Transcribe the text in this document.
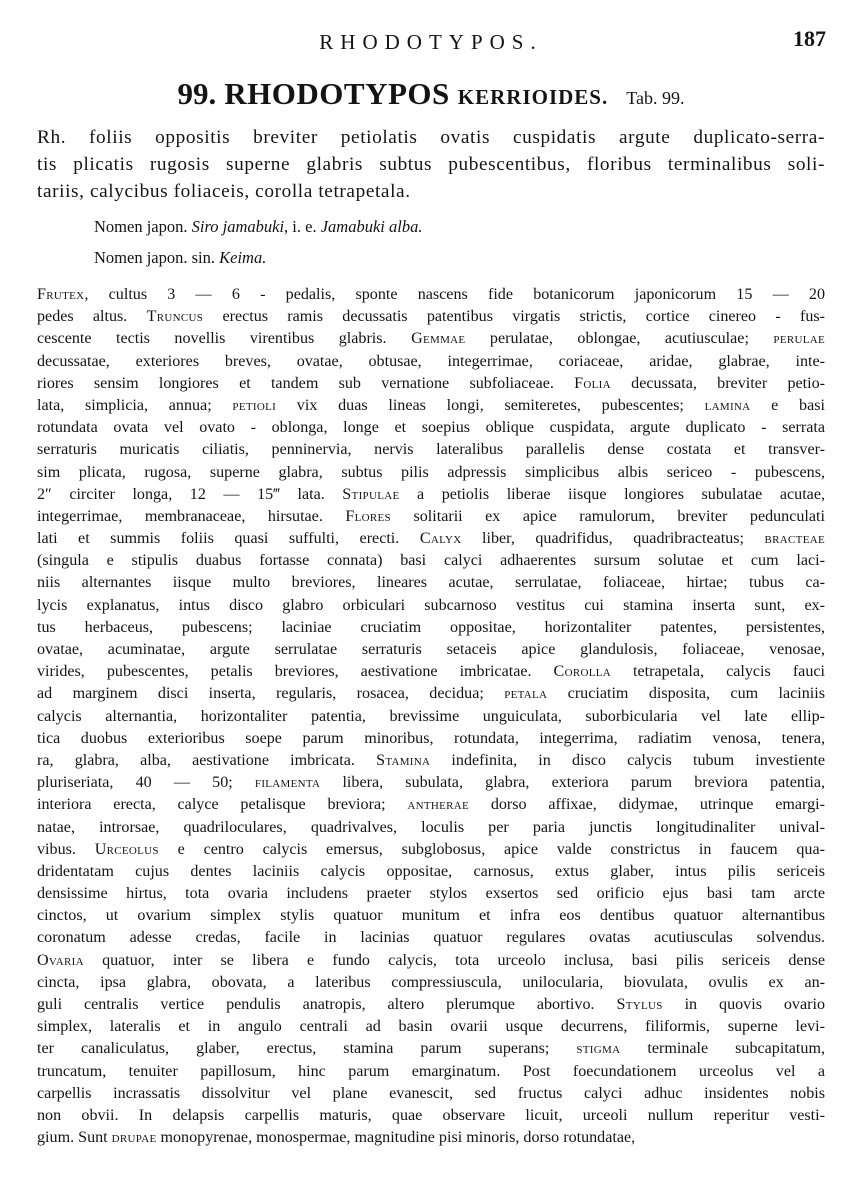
RHODOTYPOS.	187
99. RHODOTYPOS KERRIOIDES. Tab. 99.
Rh. foliis oppositis breviter petiolatis ovatis cuspidatis argute duplicato-serra-
tis plicatis rugosis superne glabris subtus pubescentibus, floribus terminalibus soli-
tariis, calycibus foliaceis, corolla tetrapetala.
Nomen japon. Siro jamabuki, i. e. Jamabuki alba.
Nomen japon. sin. Keima.
Frutex, cultus 3 — 6 - pedalis, sponte nascens fide botanicorum japonicorum 15 — 20
pedes altus. Truncus erectus ramis decussatis patentibus virgatis strictis, cortice cinereo - fus-
cescente tectis novellis virentibus glabris. Gemmae perulatae, oblongae, acutiusculae; perulae
decussatae, exteriores breves, ovatae, obtusae, integerrimae, coriaceae, aridae, glabrae, inte-
riores sensim longiores et tandem sub vernatione subfoliaceae. Folia decussata, breviter petio-
lata, simplicia, annua; petioli vix duas lineas longi, semiteretes, pubescentes; lamina e basi
rotundata ovata vel ovato - oblonga, longe et soepius oblique cuspidata, argute duplicato - serrata
serraturis muricatis ciliatis, penninervia, nervis lateralibus parallelis dense costata et transver-
sim plicata, rugosa, superne glabra, subtus pilis adpressis simplicibus albis sericeo - pubescens,
2″ circiter longa, 12 — 15‴ lata. Stipulae a petiolis liberae iisque longiores subulatae acutae,
integerrimae, membranaceae, hirsutae. Flores solitarii ex apice ramulorum, breviter pedunculati
lati et summis foliis quasi suffulti, erecti. Calyx liber, quadrifidus, quadribracteatus; bracteae
(singula e stipulis duabus fortasse connata) basi calyci adhaerentes sursum solutae et cum laci-
niis alternantes iisque multo breviores, lineares acutae, serrulatae, foliaceae, hirtae; tubus ca-
lycis explanatus, intus disco glabro orbiculari subcarnoso vestitus cui stamina inserta sunt, ex-
tus herbaceus, pubescens; laciniae cruciatim oppositae, horizontaliter patentes, persistentes,
ovatae, acuminatae, argute serrulatae serraturis setaceis apice glandulosis, foliaceae, venosae,
virides, pubescentes, petalis breviores, aestivatione imbricatae. Corolla tetrapetala, calycis fauci
ad marginem disci inserta, regularis, rosacea, decidua; petala cruciatim disposita, cum laciniis
calycis alternantia, horizontaliter patentia, brevissime unguiculata, suborbicularia vel late ellip-
tica duobus exterioribus soepe parum minoribus, rotundata, integerrima, radiatim venosa, tenera,
ra, glabra, alba, aestivatione imbricata. Stamina indefinita, in disco calycis tubum investiente
pluriseriata, 40 — 50; filamenta libera, subulata, glabra, exteriora parum breviora patentia,
interiora erecta, calyce petalisque breviora; antherae dorso affixae, didymae, utrinque emargi-
natae, introrsae, quadriloculares, quadrivalves, loculis per paria junctis longitudinaliter unival-
vibus. Urceolus e centro calycis emersus, subglobosus, apice valde constrictus in faucem qua-
dridentatam cujus dentes laciniis calycis oppositae, carnosus, extus glaber, intus pilis sericeis
densissime hirtus, tota ovaria includens praeter stylos exsertos sed orificio ejus basi tam arcte
cinctos, ut ovarium simplex stylis quatuor munitum et infra eos dentibus quatuor alternantibus
coronatum adesse credas, facile in lacinias quatuor regulares ovatas acutiusculas solvendus.
Ovaria quatuor, inter se libera e fundo calycis, tota urceolo inclusa, basi pilis sericeis dense
cincta, ipsa glabra, obovata, a lateribus compressiuscula, unilocularia, biovulata, ovulis ex an-
guli centralis vertice pendulis anatropis, altero plerumque abortivo. Stylus in quovis ovario
simplex, lateralis et in angulo centrali ad basin ovarii usque decurrens, filiformis, superne levi-
ter canaliculatus, glaber, erectus, stamina parum superans; stigma terminale subcapitatum,
truncatum, tenuiter papillosum, hinc parum emarginatum. Post foecundationem urceolus vel a
carpellis incrassatis dissolvitur vel plane evanescit, sed fructus calyci adhuc insidentes nobis
non obvii. In delapsis carpellis maturis, quae observare licuit, urceoli nullum reperitur vesti-
gium. Sunt drupae monopyrenae, monospermae, magnitudine pisi minoris, dorso rotundatae,
